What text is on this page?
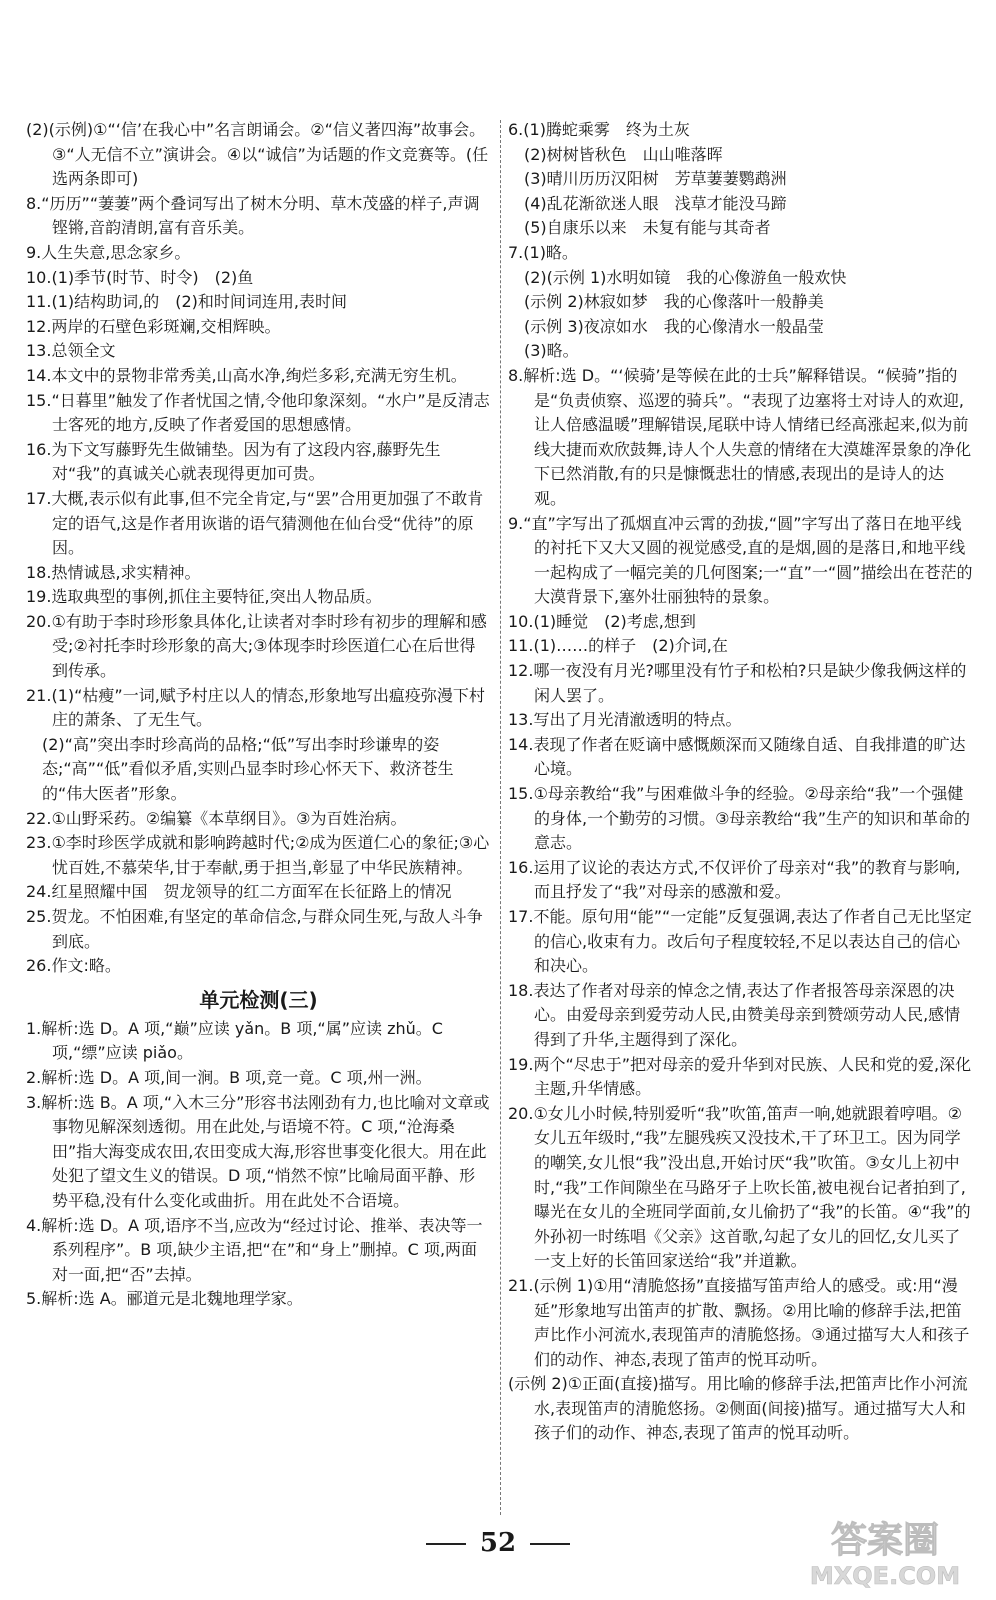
(2)(示例)①“‘信’在我心中”名言朗诵会。②“信义著四海”故事会。③“人无信不立”演讲会。④以“诚信”为话题的作文竞赛等。(任选两条即可)

8.“历历”“萋萋”两个叠词写出了树木分明、草木茂盛的样子,声调铿锵,音韵清朗,富有音乐美。

9.人生失意,思念家乡。

10.(1)季节(时节、时令)　(2)鱼

11.(1)结构助词,的　(2)和时间词连用,表时间

12.两岸的石壁色彩斑斓,交相辉映。

13.总领全文

14.本文中的景物非常秀美,山高水净,绚烂多彩,充满无穷生机。

15.“日暮里”触发了作者忧国之情,令他印象深刻。“水户”是反清志士客死的地方,反映了作者爱国的思想感情。

16.为下文写藤野先生做铺垫。因为有了这段内容,藤野先生对“我”的真诚关心就表现得更加可贵。

17.大概,表示似有此事,但不完全肯定,与“罢”合用更加强了不敢肯定的语气,这是作者用诙谐的语气猜测他在仙台受“优待”的原因。

18.热情诚恳,求实精神。

19.选取典型的事例,抓住主要特征,突出人物品质。

20.①有助于李时珍形象具体化,让读者对李时珍有初步的理解和感受;②衬托李时珍形象的高大;③体现李时珍医道仁心在后世得到传承。

21.(1)“枯瘦”一词,赋予村庄以人的情态,形象地写出瘟疫弥漫下村庄的萧条、了无生气。

(2)“高”突出李时珍高尚的品格;“低”写出李时珍谦卑的姿态;“高”“低”看似矛盾,实则凸显李时珍心怀天下、救济苍生的“伟大医者”形象。

22.①山野采药。②编纂《本草纲目》。③为百姓治病。

23.①李时珍医学成就和影响跨越时代;②成为医道仁心的象征;③心忧百姓,不慕荣华,甘于奉献,勇于担当,彰显了中华民族精神。

24.红星照耀中国　贺龙领导的红二方面军在长征路上的情况

25.贺龙。不怕困难,有坚定的革命信念,与群众同生死,与敌人斗争到底。

26.作文:略。

单元检测(三)

1.解析:选 D。A 项,“巅”应读 yǎn。B 项,“属”应读 zhǔ。C 项,“缥”应读 piǎo。

2.解析:选 D。A 项,间一涧。B 项,竞一竟。C 项,州一洲。

3.解析:选 B。A 项,“入木三分”形容书法刚劲有力,也比喻对文章或事物见解深刻透彻。用在此处,与语境不符。C 项,“沧海桑田”指大海变成农田,农田变成大海,形容世事变化很大。用在此处犯了望文生义的错误。D 项,“悄然不惊”比喻局面平静、形势平稳,没有什么变化或曲折。用在此处不合语境。

4.解析:选 D。A 项,语序不当,应改为“经过讨论、推举、表决等一系列程序”。B 项,缺少主语,把“在”和“身上”删掉。C 项,两面对一面,把“否”去掉。

5.解析:选 A。郦道元是北魏地理学家。

6.(1)腾蛇乘雾　终为土灰

(2)树树皆秋色　山山唯落晖

(3)晴川历历汉阳树　芳草萋萋鹦鹉洲

(4)乱花渐欲迷人眼　浅草才能没马蹄

(5)自康乐以来　未复有能与其奇者

7.(1)略。

(2)(示例 1)水明如镜　我的心像游鱼一般欢快

(示例 2)林寂如梦　我的心像落叶一般静美

(示例 3)夜凉如水　我的心像清水一般晶莹

(3)略。

8.解析:选 D。“‘候骑’是等候在此的士兵”解释错误。“候骑”指的是“负责侦察、巡逻的骑兵”。“表现了边塞将士对诗人的欢迎,让人倍感温暖”理解错误,尾联中诗人情绪已经高涨起来,似为前线大捷而欢欣鼓舞,诗人个人失意的情绪在大漠雄浑景象的净化下已然消散,有的只是慷慨悲壮的情感,表现出的是诗人的达观。

9.“直”字写出了孤烟直冲云霄的劲拔,“圆”字写出了落日在地平线的衬托下又大又圆的视觉感受,直的是烟,圆的是落日,和地平线一起构成了一幅完美的几何图案;一“直”一“圆”描绘出在苍茫的大漠背景下,塞外壮丽独特的景象。

10.(1)睡觉　(2)考虑,想到

11.(1)……的样子　(2)介词,在

12.哪一夜没有月光?哪里没有竹子和松柏?只是缺少像我俩这样的闲人罢了。

13.写出了月光清澈透明的特点。

14.表现了作者在贬谪中感慨颇深而又随缘自适、自我排遣的旷达心境。

15.①母亲教给“我”与困难做斗争的经验。②母亲给“我”一个强健的身体,一个勤劳的习惯。③母亲教给“我”生产的知识和革命的意志。

16.运用了议论的表达方式,不仅评价了母亲对“我”的教育与影响,而且抒发了“我”对母亲的感激和爱。

17.不能。原句用“能”“一定能”反复强调,表达了作者自己无比坚定的信心,收束有力。改后句子程度较轻,不足以表达自己的信心和决心。

18.表达了作者对母亲的悼念之情,表达了作者报答母亲深恩的决心。由爱母亲到爱劳动人民,由赞美母亲到赞颂劳动人民,感情得到了升华,主题得到了深化。

19.两个“尽忠于”把对母亲的爱升华到对民族、人民和党的爱,深化主题,升华情感。

20.①女儿小时候,特别爱听“我”吹笛,笛声一响,她就跟着哼唱。②女儿五年级时,“我”左腿残疾又没技术,干了环卫工。因为同学的嘲笑,女儿恨“我”没出息,开始讨厌“我”吹笛。③女儿上初中时,“我”工作间隙坐在马路牙子上吹长笛,被电视台记者拍到了,曝光在女儿的全班同学面前,女儿偷扔了“我”的长笛。④“我”的外孙初一时练唱《父亲》这首歌,勾起了女儿的回忆,女儿买了一支上好的长笛回家送给“我”并道歉。

21.(示例 1)①用“清脆悠扬”直接描写笛声给人的感受。或:用“漫延”形象地写出笛声的扩散、飘扬。②用比喻的修辞手法,把笛声比作小河流水,表现笛声的清脆悠扬。③通过描写大人和孩子们的动作、神态,表现了笛声的悦耳动听。

(示例 2)①正面(直接)描写。用比喻的修辞手法,把笛声比作小河流水,表现笛声的清脆悠扬。②侧面(间接)描写。通过描写大人和孩子们的动作、神态,表现了笛声的悦耳动听。

52	答案圈
MXQE.COM
